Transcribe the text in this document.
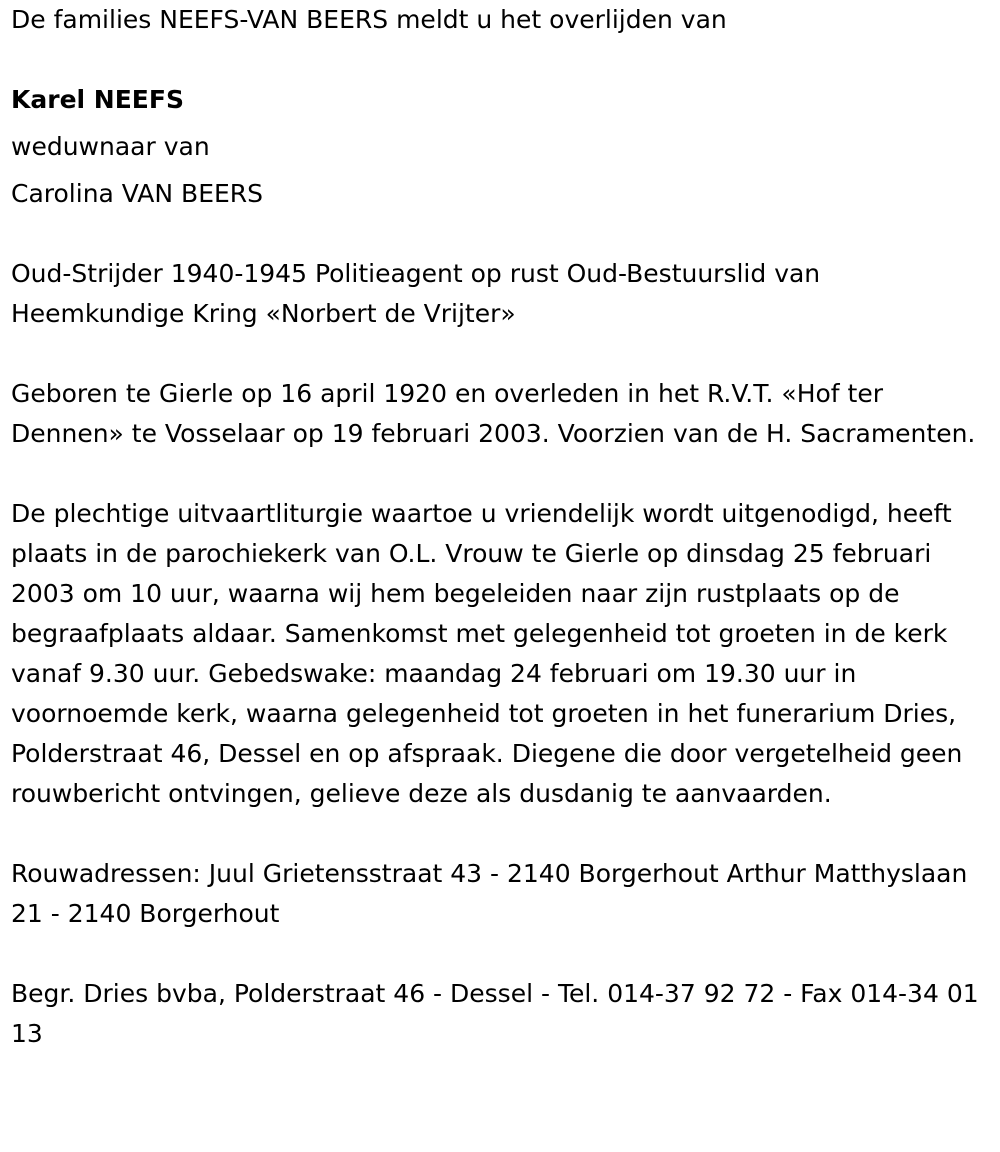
De families NEEFS-VAN BEERS meldt u het overlijden van
Karel NEEFS
weduwnaar van
Carolina VAN BEERS
Oud-Strijder 1940-1945 Politieagent op rust Oud-Bestuurslid van Heemkundige Kring «Norbert de Vrijter»
Geboren te Gierle op 16 april 1920 en overleden in het R.V.T. «Hof ter Dennen» te Vosselaar op 19 februari 2003. Voorzien van de H. Sacramenten.
De plechtige uitvaartliturgie waartoe u vriendelijk wordt uitgenodigd, heeft plaats in de parochiekerk van O.L. Vrouw te Gierle op dinsdag 25 februari 2003 om 10 uur, waarna wij hem begeleiden naar zijn rustplaats op de begraafplaats aldaar. Samenkomst met gelegenheid tot groeten in de kerk vanaf 9.30 uur. Gebedswake: maandag 24 februari om 19.30 uur in voornoemde kerk, waarna gelegenheid tot groeten in het funerarium Dries, Polderstraat 46, Dessel en op afspraak. Diegene die door vergetelheid geen rouwbericht ontvingen, gelieve deze als dusdanig te aanvaarden.
Rouwadressen: Juul Grietensstraat 43 - 2140 Borgerhout Arthur Matthyslaan 21 - 2140 Borgerhout
Begr. Dries bvba, Polderstraat 46 - Dessel - Tel. 014-37 92 72 - Fax 014-34 01 13
